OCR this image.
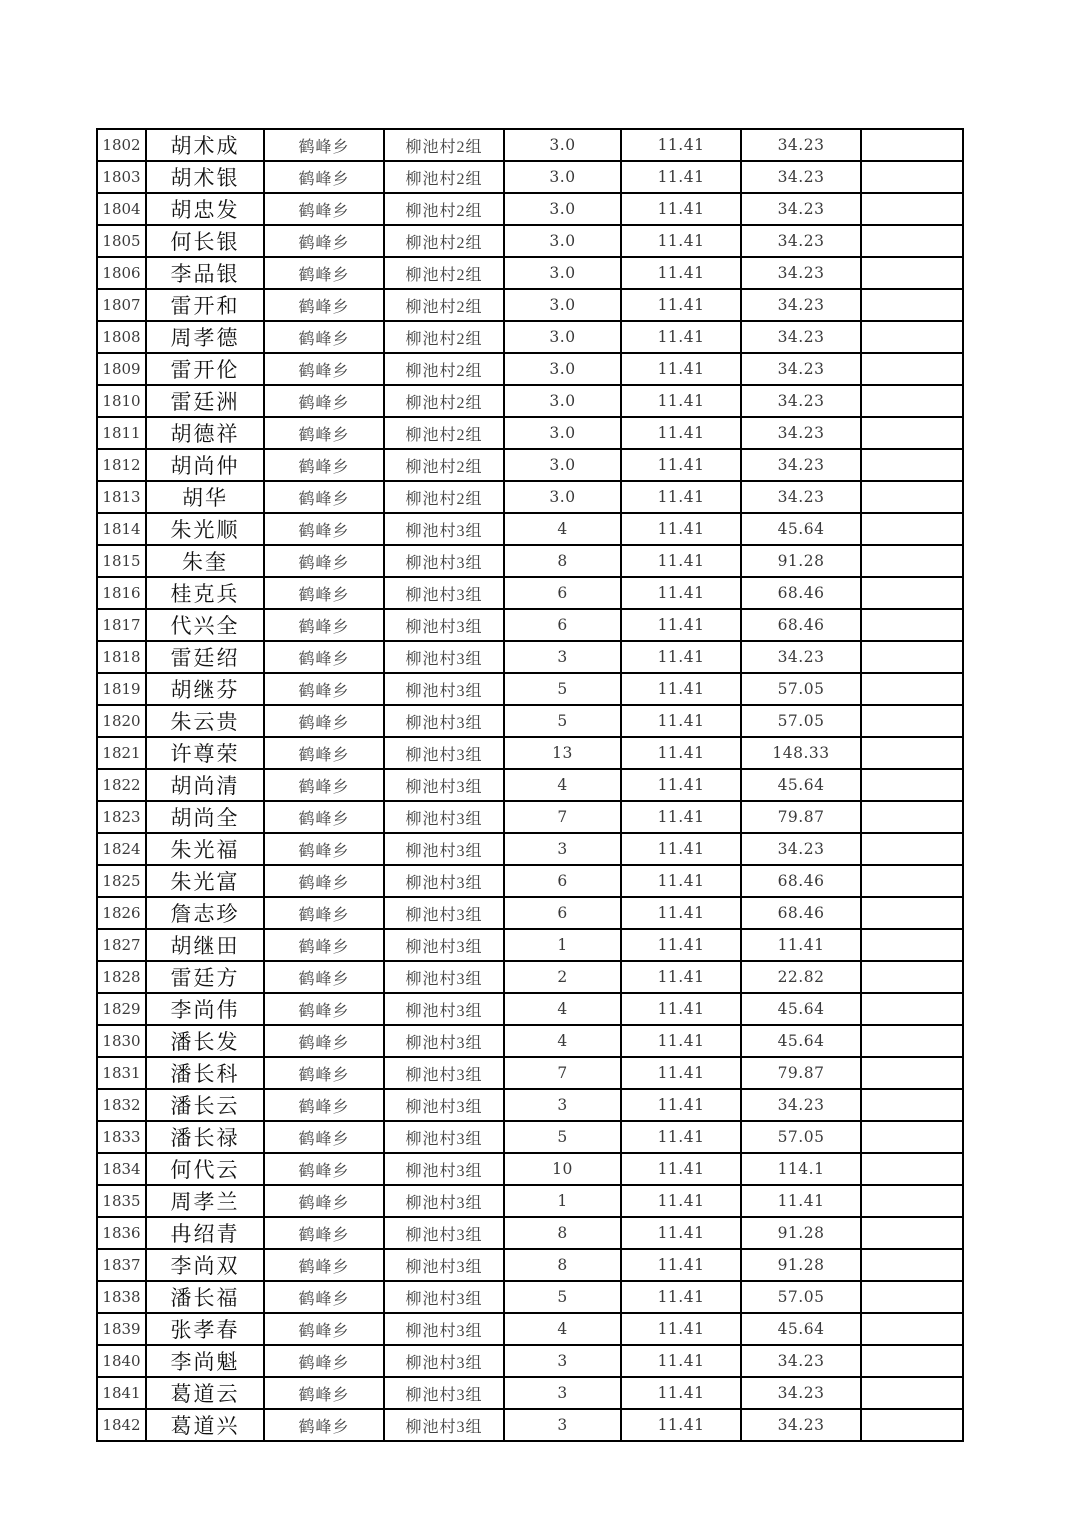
1802	胡术成	鹤峰乡	柳池村2组	3.0	11.41	34.23	
1803	胡术银	鹤峰乡	柳池村2组	3.0	11.41	34.23	
1804	胡忠发	鹤峰乡	柳池村2组	3.0	11.41	34.23	
1805	何长银	鹤峰乡	柳池村2组	3.0	11.41	34.23	
1806	李品银	鹤峰乡	柳池村2组	3.0	11.41	34.23	
1807	雷开和	鹤峰乡	柳池村2组	3.0	11.41	34.23	
1808	周孝德	鹤峰乡	柳池村2组	3.0	11.41	34.23	
1809	雷开伦	鹤峰乡	柳池村2组	3.0	11.41	34.23	
1810	雷廷洲	鹤峰乡	柳池村2组	3.0	11.41	34.23	
1811	胡德祥	鹤峰乡	柳池村2组	3.0	11.41	34.23	
1812	胡尚仲	鹤峰乡	柳池村2组	3.0	11.41	34.23	
1813	胡华	鹤峰乡	柳池村2组	3.0	11.41	34.23	
1814	朱光顺	鹤峰乡	柳池村3组	4	11.41	45.64	
1815	朱奎	鹤峰乡	柳池村3组	8	11.41	91.28	
1816	桂克兵	鹤峰乡	柳池村3组	6	11.41	68.46	
1817	代兴全	鹤峰乡	柳池村3组	6	11.41	68.46	
1818	雷廷绍	鹤峰乡	柳池村3组	3	11.41	34.23	
1819	胡继芬	鹤峰乡	柳池村3组	5	11.41	57.05	
1820	朱云贵	鹤峰乡	柳池村3组	5	11.41	57.05	
1821	许尊荣	鹤峰乡	柳池村3组	13	11.41	148.33	
1822	胡尚清	鹤峰乡	柳池村3组	4	11.41	45.64	
1823	胡尚全	鹤峰乡	柳池村3组	7	11.41	79.87	
1824	朱光福	鹤峰乡	柳池村3组	3	11.41	34.23	
1825	朱光富	鹤峰乡	柳池村3组	6	11.41	68.46	
1826	詹志珍	鹤峰乡	柳池村3组	6	11.41	68.46	
1827	胡继田	鹤峰乡	柳池村3组	1	11.41	11.41	
1828	雷廷方	鹤峰乡	柳池村3组	2	11.41	22.82	
1829	李尚伟	鹤峰乡	柳池村3组	4	11.41	45.64	
1830	潘长发	鹤峰乡	柳池村3组	4	11.41	45.64	
1831	潘长科	鹤峰乡	柳池村3组	7	11.41	79.87	
1832	潘长云	鹤峰乡	柳池村3组	3	11.41	34.23	
1833	潘长禄	鹤峰乡	柳池村3组	5	11.41	57.05	
1834	何代云	鹤峰乡	柳池村3组	10	11.41	114.1	
1835	周孝兰	鹤峰乡	柳池村3组	1	11.41	11.41	
1836	冉绍青	鹤峰乡	柳池村3组	8	11.41	91.28	
1837	李尚双	鹤峰乡	柳池村3组	8	11.41	91.28	
1838	潘长福	鹤峰乡	柳池村3组	5	11.41	57.05	
1839	张孝春	鹤峰乡	柳池村3组	4	11.41	45.64	
1840	李尚魁	鹤峰乡	柳池村3组	3	11.41	34.23	
1841	葛道云	鹤峰乡	柳池村3组	3	11.41	34.23	
1842	葛道兴	鹤峰乡	柳池村3组	3	11.41	34.23	
